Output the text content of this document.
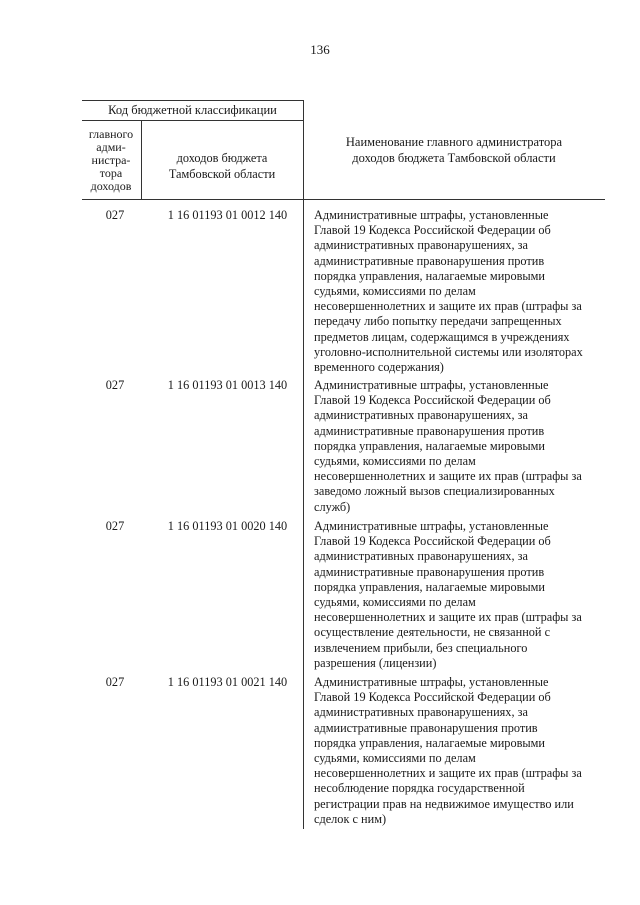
136
Код бюджетной классификации
главного
адми-
нистра-
тора
доходов
доходов бюджета
Тамбовской области
Наименование главного администратора
доходов бюджета Тамбовской области
027	1 16 01193 01 0012 140	Административные штрафы, установленные
Главой 19 Кодекса Российской Федерации об
административных правонарушениях, за
административные правонарушения против
порядка управления, налагаемые мировыми
судьями, комиссиями по делам
несовершеннолетних и защите их прав (штрафы за
передачу либо попытку передачи запрещенных
предметов лицам, содержащимся в учреждениях
уголовно-исполнительной системы или изоляторах
временного содержания)
027	1 16 01193 01 0013 140	Административные штрафы, установленные
Главой 19 Кодекса Российской Федерации об
административных правонарушениях, за
административные правонарушения против
порядка управления, налагаемые мировыми
судьями, комиссиями по делам
несовершеннолетних и защите их прав (штрафы за
заведомо ложный вызов специализированных
служб)
027	1 16 01193 01 0020 140	Административные штрафы, установленные
Главой 19 Кодекса Российской Федерации об
административных правонарушениях, за
административные правонарушения против
порядка управления, налагаемые мировыми
судьями, комиссиями по делам
несовершеннолетних и защите их прав (штрафы за
осуществление деятельности, не связанной с
извлечением прибыли, без специального
разрешения (лицензии)
027	1 16 01193 01 0021 140	Административные штрафы, установленные
Главой 19 Кодекса Российской Федерации об
административных правонарушениях, за
адмиистративные правонарушения против
порядка управления, налагаемые мировыми
судьями, комиссиями по делам
несовершеннолетних и защите их прав (штрафы за
несоблюдение порядка государственной
регистрации прав на недвижимое имущество или
сделок с ним)
